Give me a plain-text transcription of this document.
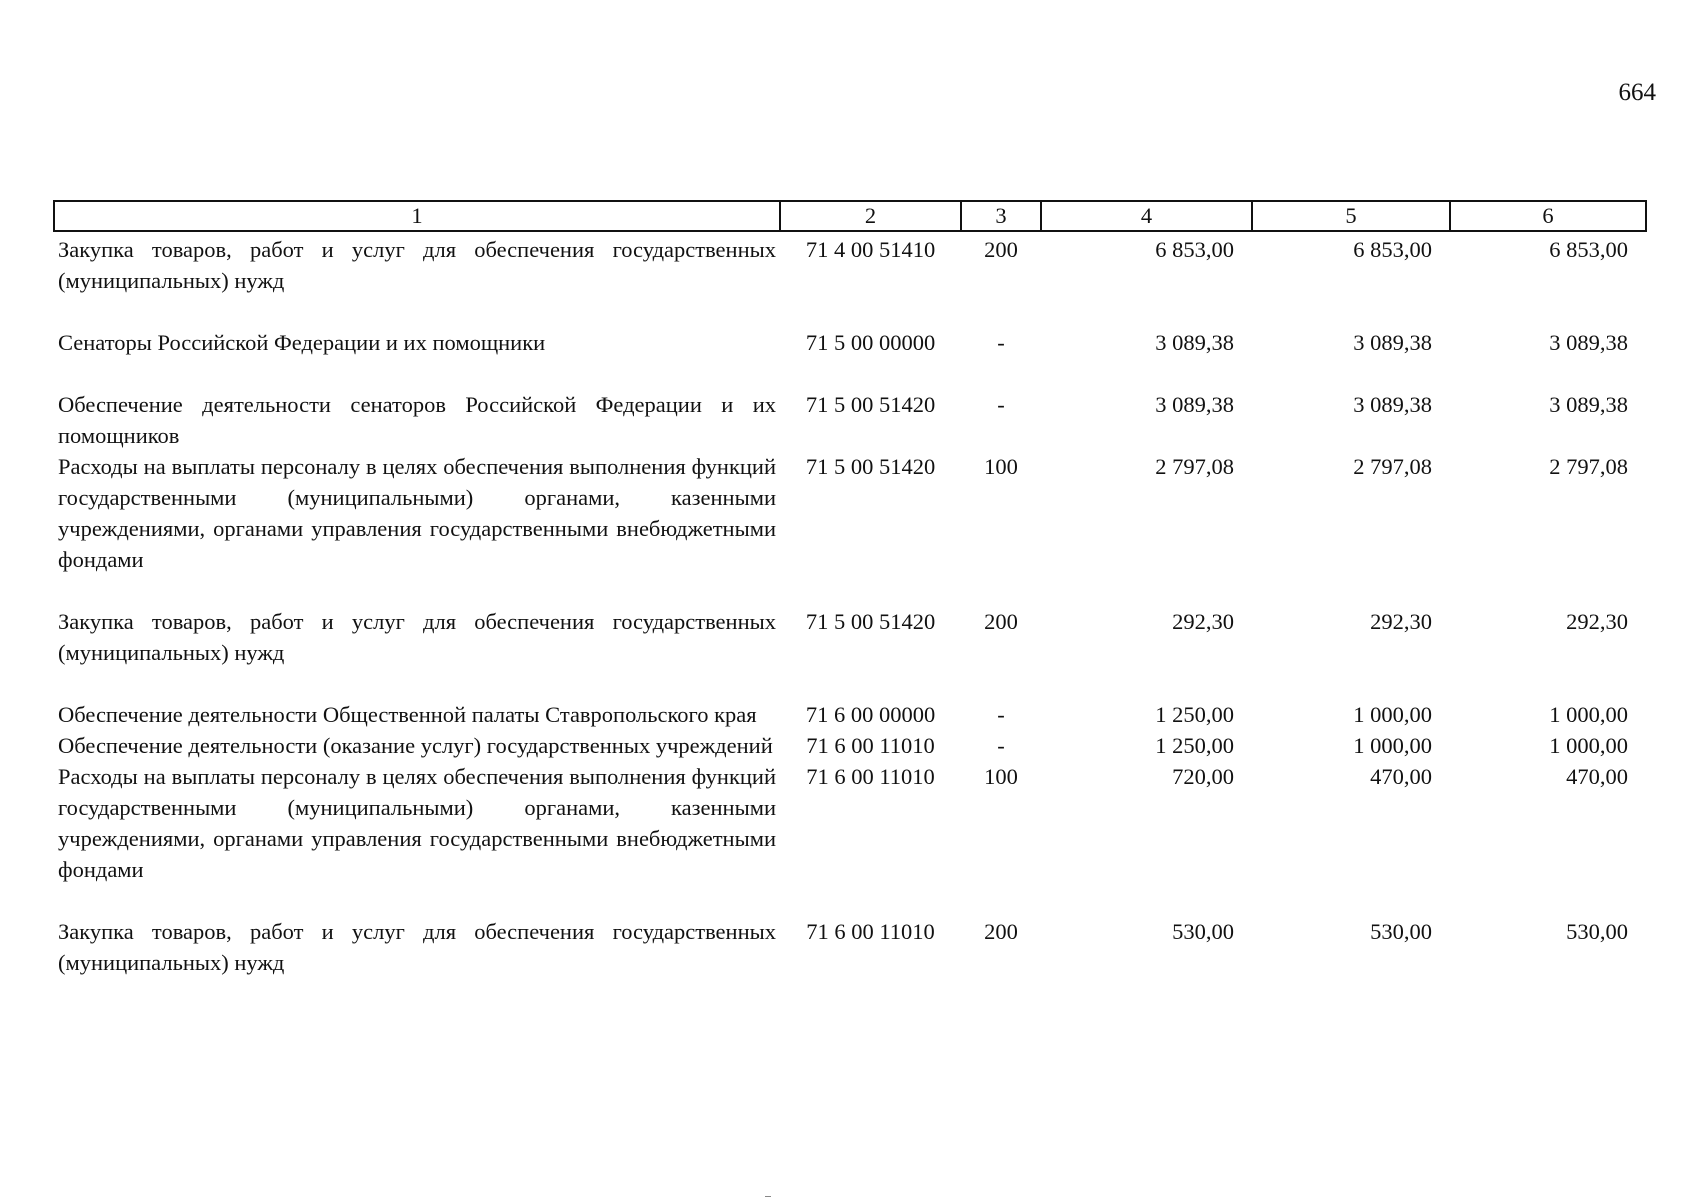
664
1	2	3	4	5	6
Закупка товаров, работ и услуг для обеспечения государственных (муниципальных) нужд	71 4 00 51410	200	6 853,00	6 853,00	6 853,00
Сенаторы Российской Федерации и их помощники	71 5 00 00000	-	3 089,38	3 089,38	3 089,38
Обеспечение деятельности сенаторов Российской Федерации и их помощников	71 5 00 51420	-	3 089,38	3 089,38	3 089,38
Расходы на выплаты персоналу в целях обеспечения выполнения функций государственными (муниципальными) органами, казенными учреждениями, органами управления государственными внебюджетными фондами	71 5 00 51420	100	2 797,08	2 797,08	2 797,08
Закупка товаров, работ и услуг для обеспечения государственных (муниципальных) нужд	71 5 00 51420	200	292,30	292,30	292,30
Обеспечение деятельности Общественной палаты Ставропольского края	71 6 00 00000	-	1 250,00	1 000,00	1 000,00
Обеспечение деятельности (оказание услуг) государственных учреждений	71 6 00 11010	-	1 250,00	1 000,00	1 000,00
Расходы на выплаты персоналу в целях обеспечения выполнения функций государственными (муниципальными) органами, казенными учреждениями, органами управления государственными внебюджетными фондами	71 6 00 11010	100	720,00	470,00	470,00
Закупка товаров, работ и услуг для обеспечения государственных (муниципальных) нужд	71 6 00 11010	200	530,00	530,00	530,00
